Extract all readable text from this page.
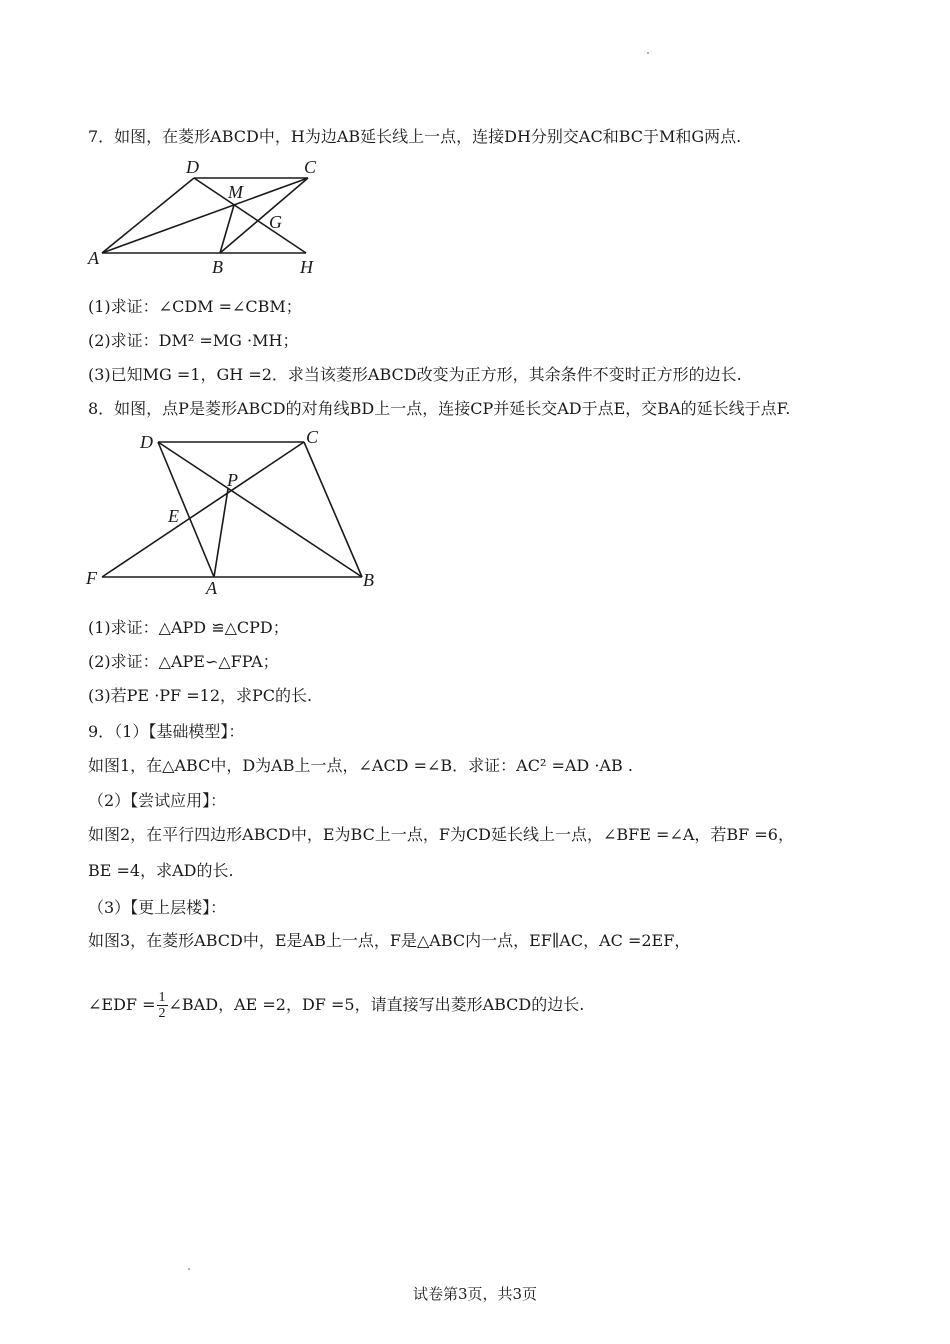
7．如图，在菱形ABCD中，H为边AB延长线上一点，连接DH分别交AC和BC于M和G两点.
D	C
M
G
A	B	H
(1)求证：∠CDM =∠CBM；
(2)求证：DM² =MG ·MH；
(3)已知MG =1，GH =2．求当该菱形ABCD改变为正方形，其余条件不变时正方形的边长.
8．如图，点P是菱形ABCD的对角线BD上一点，连接CP并延长交AD于点E，交BA的延长线于点F.
D	C
P
E
F	A	B
(1)求证：△APD ≌△CPD；
(2)求证：△APE∽△FPA；
(3)若PE ·PF =12，求PC的长.
9．（1）【基础模型】：
如图1，在△ABC中，D为AB上一点，∠ACD =∠B．求证：AC² =AD ·AB .
（2）【尝试应用】：
如图2，在平行四边形ABCD中，E为BC上一点，F为CD延长线上一点，∠BFE =∠A，若BF =6，
BE =4，求AD的长.
（3）【更上层楼】：
如图3，在菱形ABCD中，E是AB上一点，F是△ABC内一点，EF∥AC，AC =2EF，
∠EDF = $\frac{1}{2}$ ∠BAD，AE =2，DF =5，请直接写出菱形ABCD的边长.
试卷第3页，共3页
